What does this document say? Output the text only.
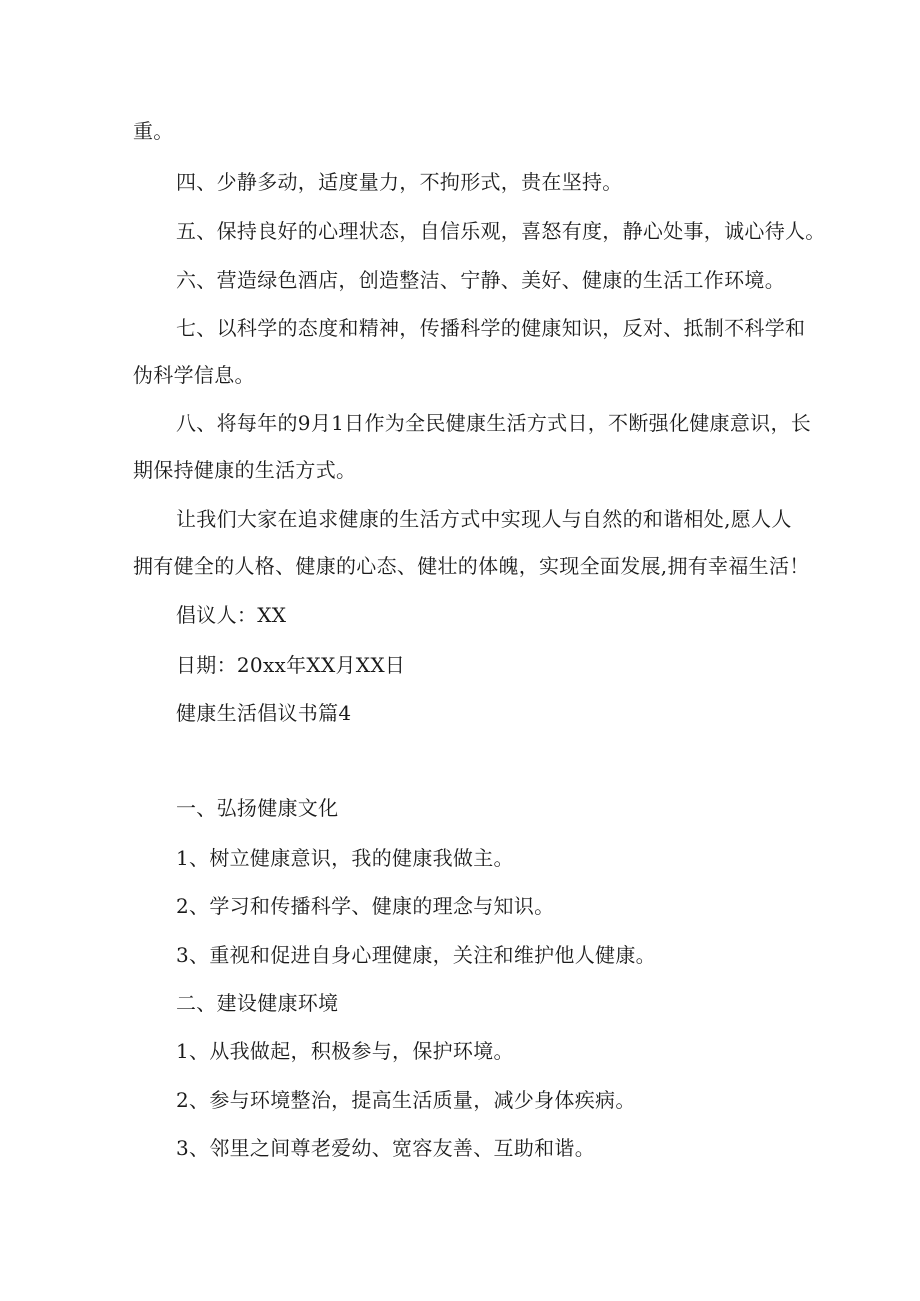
重。
四、少静多动，适度量力，不拘形式，贵在坚持。
五、保持良好的心理状态，自信乐观，喜怒有度，静心处事，诚心待人。
六、营造绿色酒店，创造整洁、宁静、美好、健康的生活工作环境。
七、以科学的态度和精神，传播科学的健康知识，反对、抵制不科学和
伪科学信息。
八、将每年的9月1日作为全民健康生活方式日，不断强化健康意识，长
期保持健康的生活方式。
让我们大家在追求健康的生活方式中实现人与自然的和谐相处,愿人人
拥有健全的人格、健康的心态、健壮的体魄，实现全面发展,拥有幸福生活！
倡议人：XX
日期：20xx年XX月XX日
健康生活倡议书篇4
一、弘扬健康文化
1、树立健康意识，我的健康我做主。
2、学习和传播科学、健康的理念与知识。
3、重视和促进自身心理健康，关注和维护他人健康。
二、建设健康环境
1、从我做起，积极参与，保护环境。
2、参与环境整治，提高生活质量，减少身体疾病。
3、邻里之间尊老爱幼、宽容友善、互助和谐。
